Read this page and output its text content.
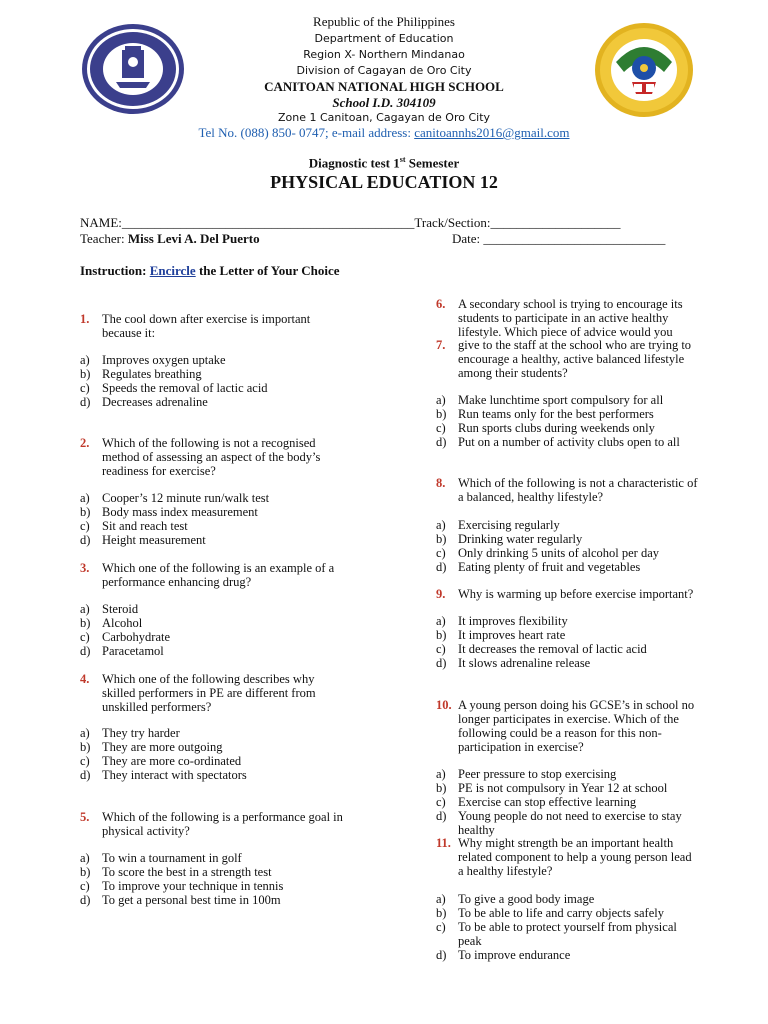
Republic of the Philippines
Department of Education
Region X- Northern Mindanao
Division of Cagayan de Oro City
CANITOAN NATIONAL HIGH SCHOOL
School I.D. 304109
Zone 1 Canitoan, Cagayan de Oro City
Tel No. (088) 850- 0747; e-mail address: canitoannhs2016@gmail.com
Diagnostic test 1st Semester
PHYSICAL EDUCATION 12
NAME:_____________________________________________Track/Section:____________________
Teacher: Miss Levi A. Del Puerto	Date: ____________________________
Instruction: Encircle the Letter of Your Choice
1. The cool down after exercise is important
because it:
a) Improves oxygen uptake
b) Regulates breathing
c) Speeds the removal of lactic acid
d) Decreases adrenaline
2. Which of the following is not a recognised
method of assessing an aspect of the body’s
readiness for exercise?
a) Cooper’s 12 minute run/walk test
b) Body mass index measurement
c) Sit and reach test
d) Height measurement
3. Which one of the following is an example of a
performance enhancing drug?
a) Steroid
b) Alcohol
c) Carbohydrate
d) Paracetamol
4. Which one of the following describes why
skilled performers in PE are different from
unskilled performers?
a) They try harder
b) They are more outgoing
c) They are more co-ordinated
d) They interact with spectators
5. Which of the following is a performance goal in
physical activity?
a) To win a tournament in golf
b) To score the best in a strength test
c) To improve your technique in tennis
d) To get a personal best time in 100m
6. A secondary school is trying to encourage its
students to participate in an active healthy
lifestyle. Which piece of advice would you
7. give to the staff at the school who are trying to
encourage a healthy, active balanced lifestyle
among their students?
a) Make lunchtime sport compulsory for all
b) Run teams only for the best performers
c) Run sports clubs during weekends only
d) Put on a number of activity clubs open to all
8. Which of the following is not a characteristic of
a balanced, healthy lifestyle?
a) Exercising regularly
b) Drinking water regularly
c) Only drinking 5 units of alcohol per day
d) Eating plenty of fruit and vegetables
9. Why is warming up before exercise important?
a) It improves flexibility
b) It improves heart rate
c) It decreases the removal of lactic acid
d) It slows adrenaline release
10. A young person doing his GCSE’s in school no
longer participates in exercise. Which of the
following could be a reason for this non-
participation in exercise?
a) Peer pressure to stop exercising
b) PE is not compulsory in Year 12 at school
c) Exercise can stop effective learning
d) Young people do not need to exercise to stay
healthy
11. Why might strength be an important health
related component to help a young person lead
a healthy lifestyle?
a) To give a good body image
b) To be able to life and carry objects safely
c) To be able to protect yourself from physical
peak
d) To improve endurance
